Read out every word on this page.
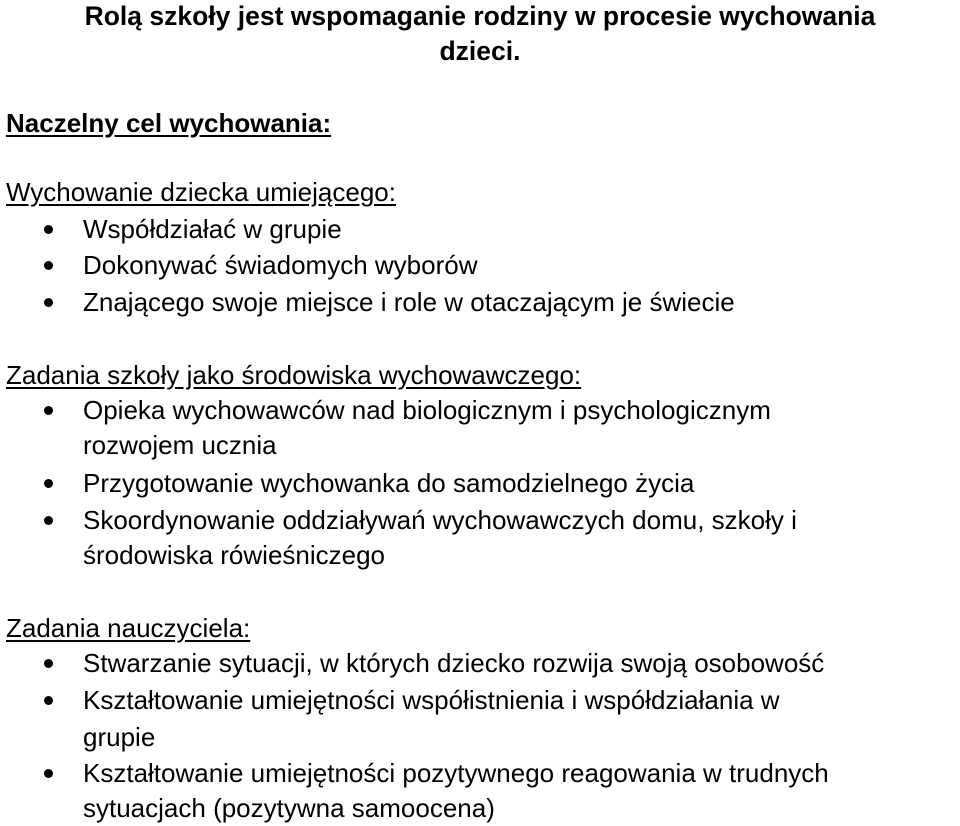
Rolą szkoły jest wspomaganie rodziny w procesie wychowania
dzieci.
Naczelny cel wychowania:
Wychowanie dziecka umiejącego:
Współdziałać w grupie
Dokonywać świadomych wyborów
Znającego swoje miejsce i role w otaczającym je świecie
Zadania szkoły jako środowiska wychowawczego:
Opieka wychowawców nad biologicznym i psychologicznym
rozwojem ucznia
Przygotowanie wychowanka do samodzielnego życia
Skoordynowanie oddziaływań wychowawczych domu, szkoły i
środowiska rówieśniczego
Zadania nauczyciela:
Stwarzanie sytuacji, w których dziecko rozwija swoją osobowość
Kształtowanie umiejętności współistnienia i współdziałania w
grupie
Kształtowanie umiejętności pozytywnego reagowania w trudnych
sytuacjach (pozytywna samoocena)
